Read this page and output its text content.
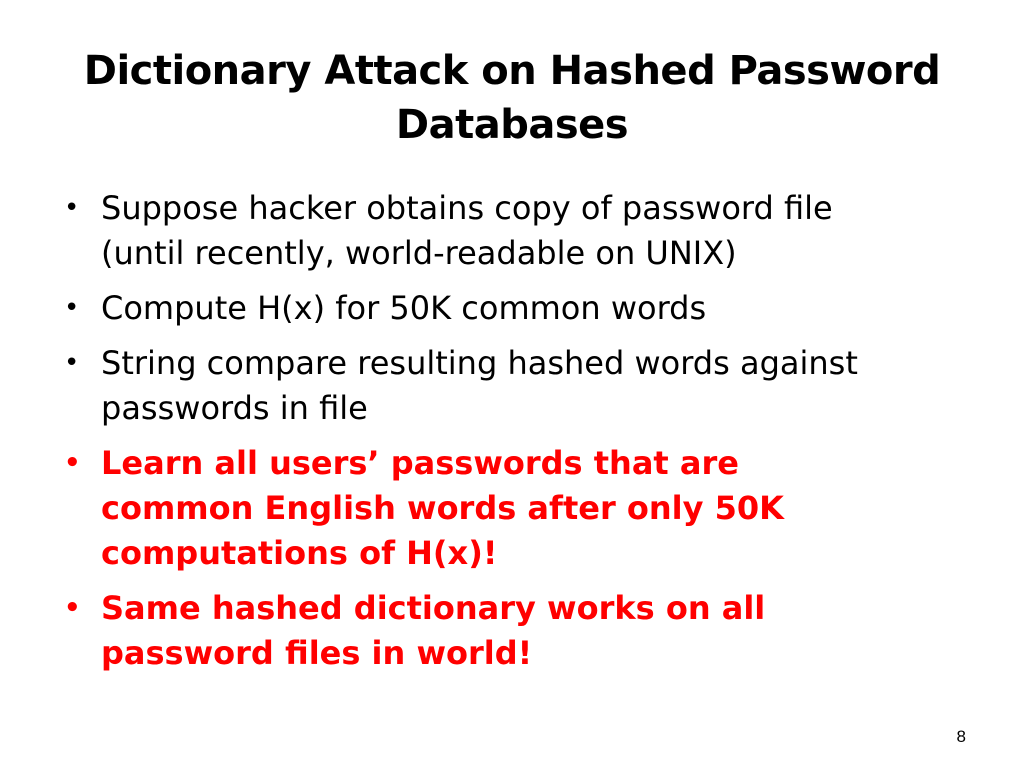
Dictionary Attack on Hashed Password
Databases
• Suppose hacker obtains copy of password file
(until recently, world-readable on UNIX)
• Compute H(x) for 50K common words
• String compare resulting hashed words against
passwords in file
• Learn all users’ passwords that are
common English words after only 50K
computations of H(x)!
• Same hashed dictionary works on all
password files in world!
8
